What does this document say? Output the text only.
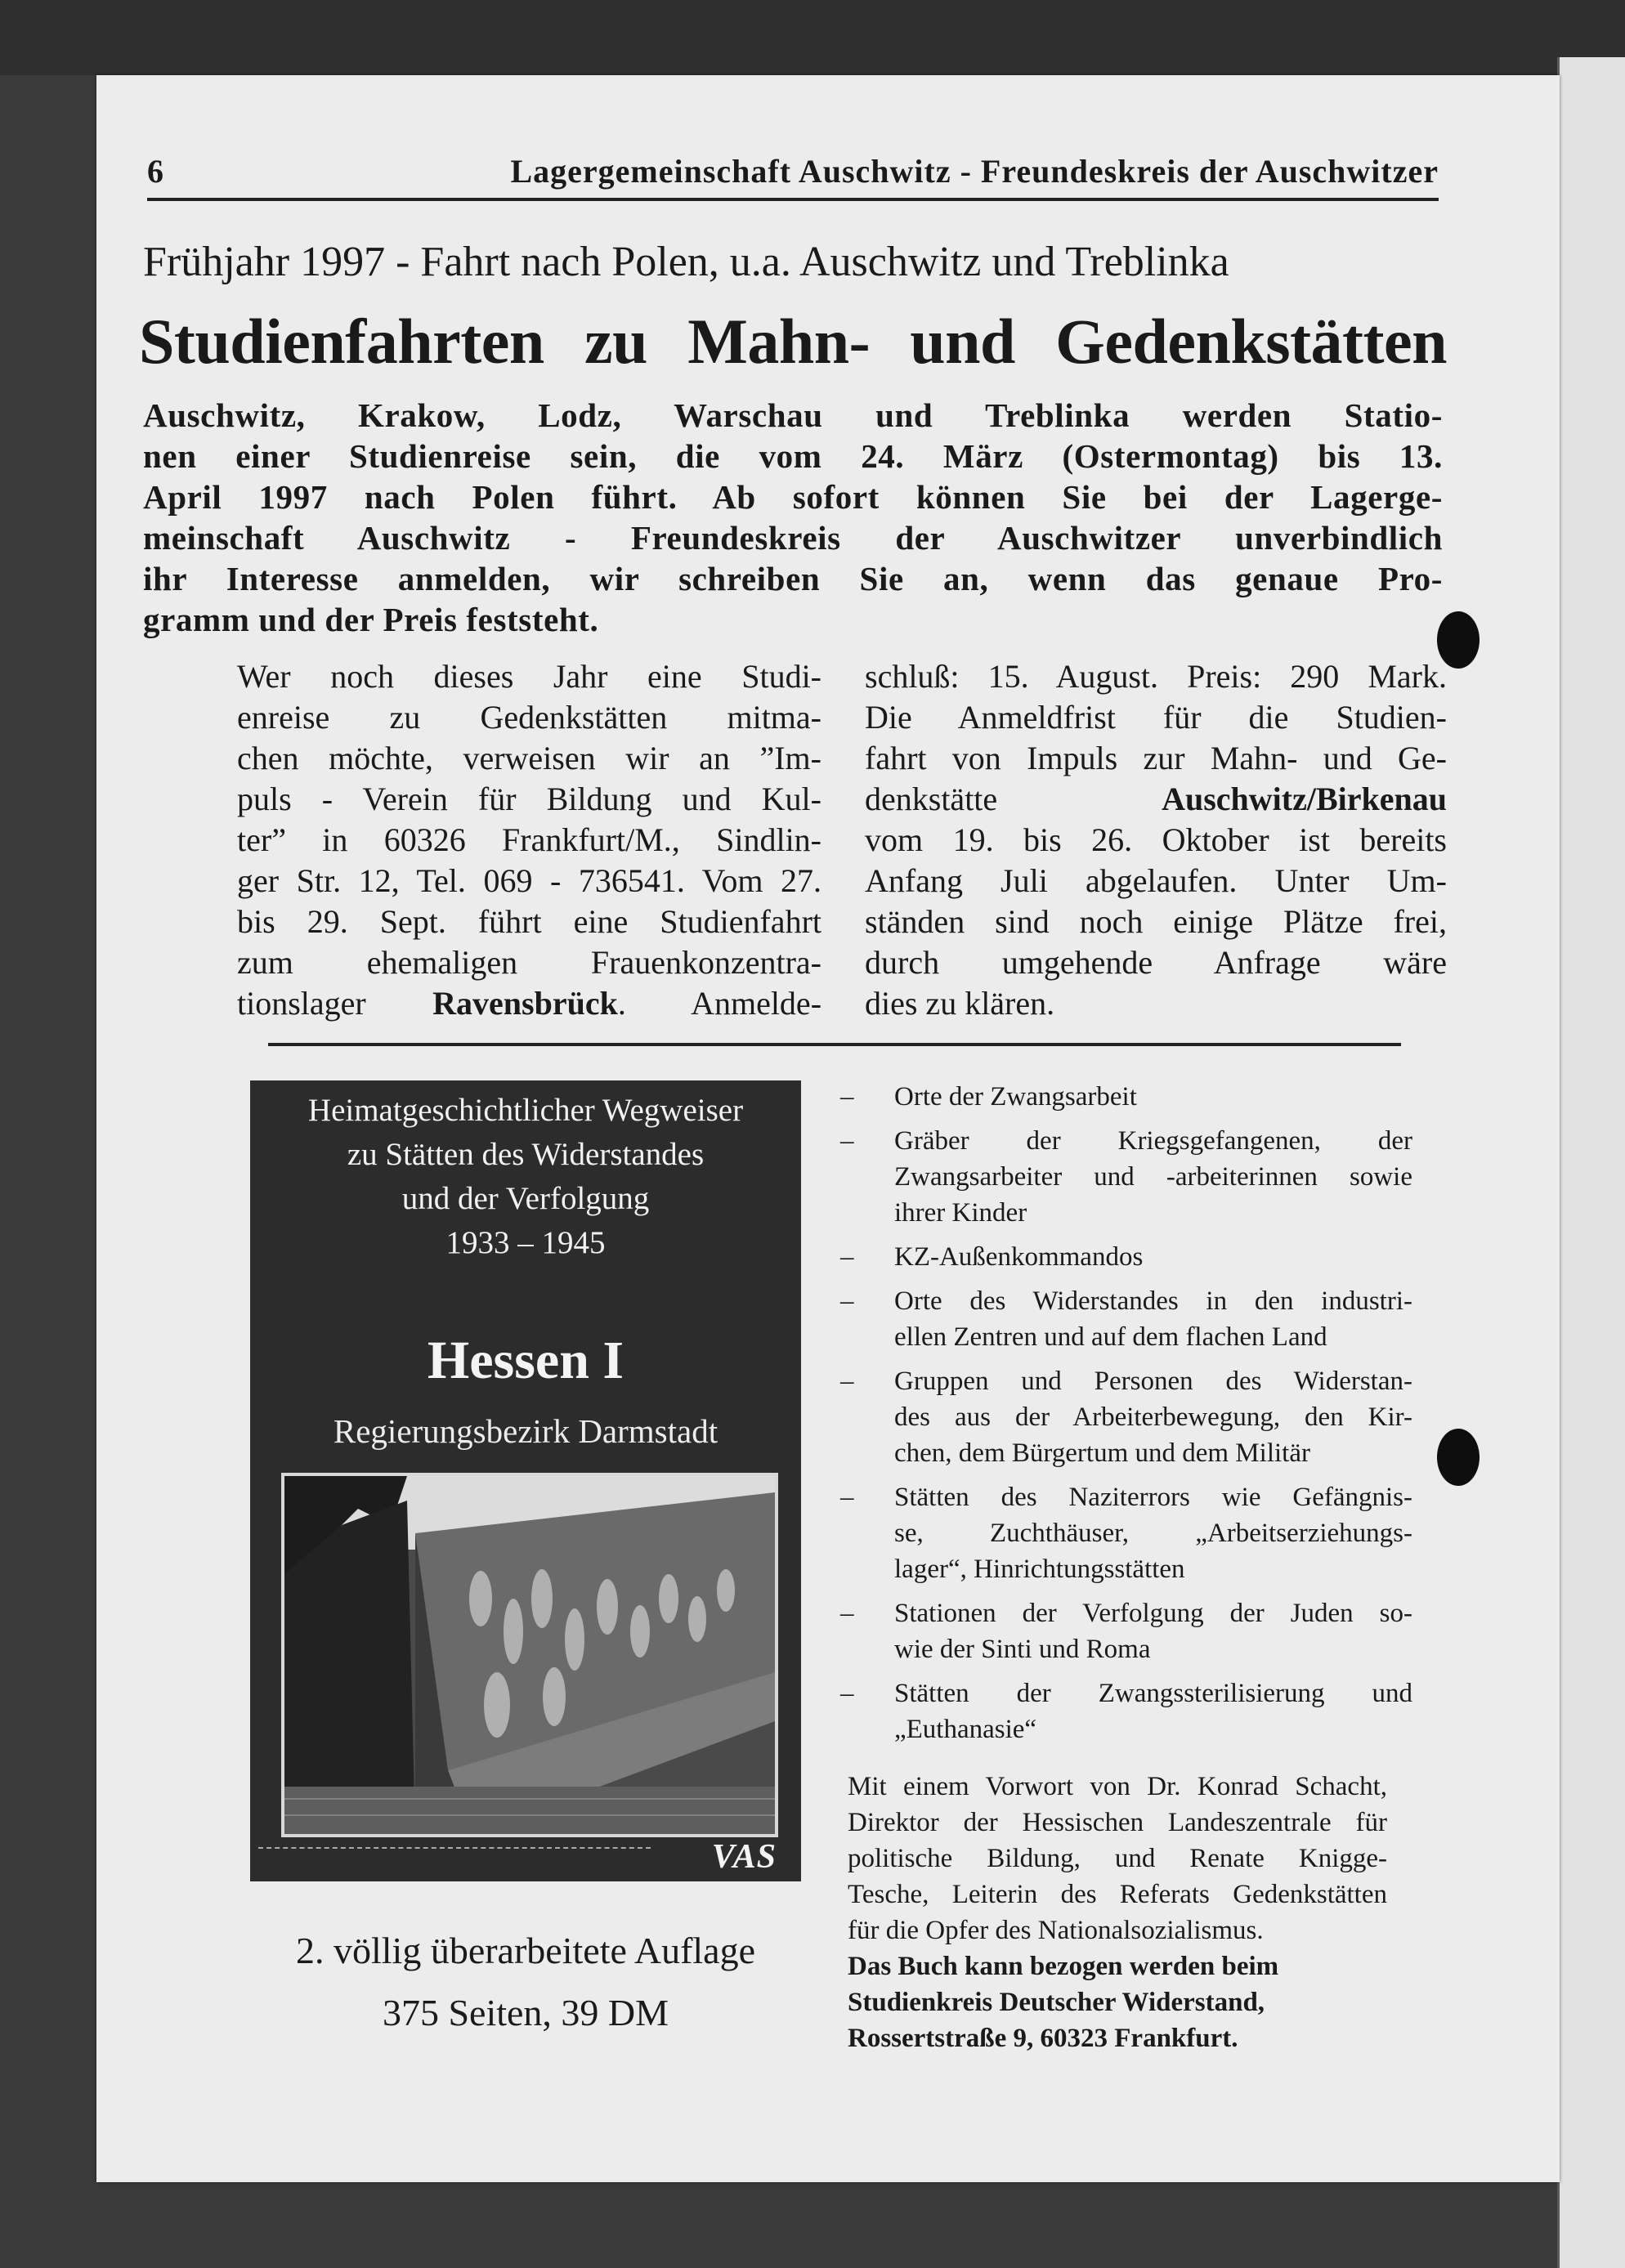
6	Lagergemeinschaft Auschwitz - Freundeskreis der Auschwitzer
Frühjahr 1997 - Fahrt nach Polen, u.a. Auschwitz und Treblinka
Studienfahrten zu Mahn- und Gedenkstätten
Auschwitz, Krakow, Lodz, Warschau und Treblinka werden Statio-
nen einer Studienreise sein, die vom 24. März (Ostermontag) bis 13.
April 1997 nach Polen führt. Ab sofort können Sie bei der Lagerge-
meinschaft Auschwitz - Freundeskreis der Auschwitzer unverbindlich
ihr Interesse anmelden, wir schreiben Sie an, wenn das genaue Pro-
gramm und der Preis feststeht.
Wer noch dieses Jahr eine Studi-
enreise zu Gedenkstätten mitma-
chen möchte, verweisen wir an ”Im-
puls - Verein für Bildung und Kul-
ter” in 60326 Frankfurt/M., Sindlin-
ger Str. 12, Tel. 069 - 736541. Vom 27.
bis 29. Sept. führt eine Studienfahrt
zum ehemaligen Frauenkonzentra-
tionslager Ravensbrück. Anmelde-
schluß: 15. August. Preis: 290 Mark.
Die Anmeldfrist für die Studien-
fahrt von Impuls zur Mahn- und Ge-
denkstätte Auschwitz/Birkenau
vom 19. bis 26. Oktober ist bereits
Anfang Juli abgelaufen. Unter Um-
ständen sind noch einige Plätze frei,
durch umgehende Anfrage wäre
dies zu klären.
Heimatgeschichtlicher Wegweiser
zu Stätten des Widerstandes
und der Verfolgung
1933 – 1945
Hessen I
Regierungsbezirk Darmstadt
VAS
2. völlig überarbeitete Auflage
375 Seiten, 39 DM
– Orte der Zwangsarbeit
– Gräber der Kriegsgefangenen, der
Zwangsarbeiter und -arbeiterinnen sowie
ihrer Kinder
– KZ-Außenkommandos
– Orte des Widerstandes in den industri-
ellen Zentren und auf dem flachen Land
– Gruppen und Personen des Widerstan-
des aus der Arbeiterbewegung, den Kir-
chen, dem Bürgertum und dem Militär
– Stätten des Naziterrors wie Gefängnis-
se, Zuchthäuser, „Arbeitserziehungs-
lager“, Hinrichtungsstätten
– Stationen der Verfolgung der Juden so-
wie der Sinti und Roma
– Stätten der Zwangssterilisierung und
„Euthanasie“
Mit einem Vorwort von Dr. Konrad Schacht,
Direktor der Hessischen Landeszentrale für
politische Bildung, und Renate Knigge-
Tesche, Leiterin des Referats Gedenkstätten
für die Opfer des Nationalsozialismus.
Das Buch kann bezogen werden beim
Studienkreis Deutscher Widerstand,
Rossertstraße 9, 60323 Frankfurt.
